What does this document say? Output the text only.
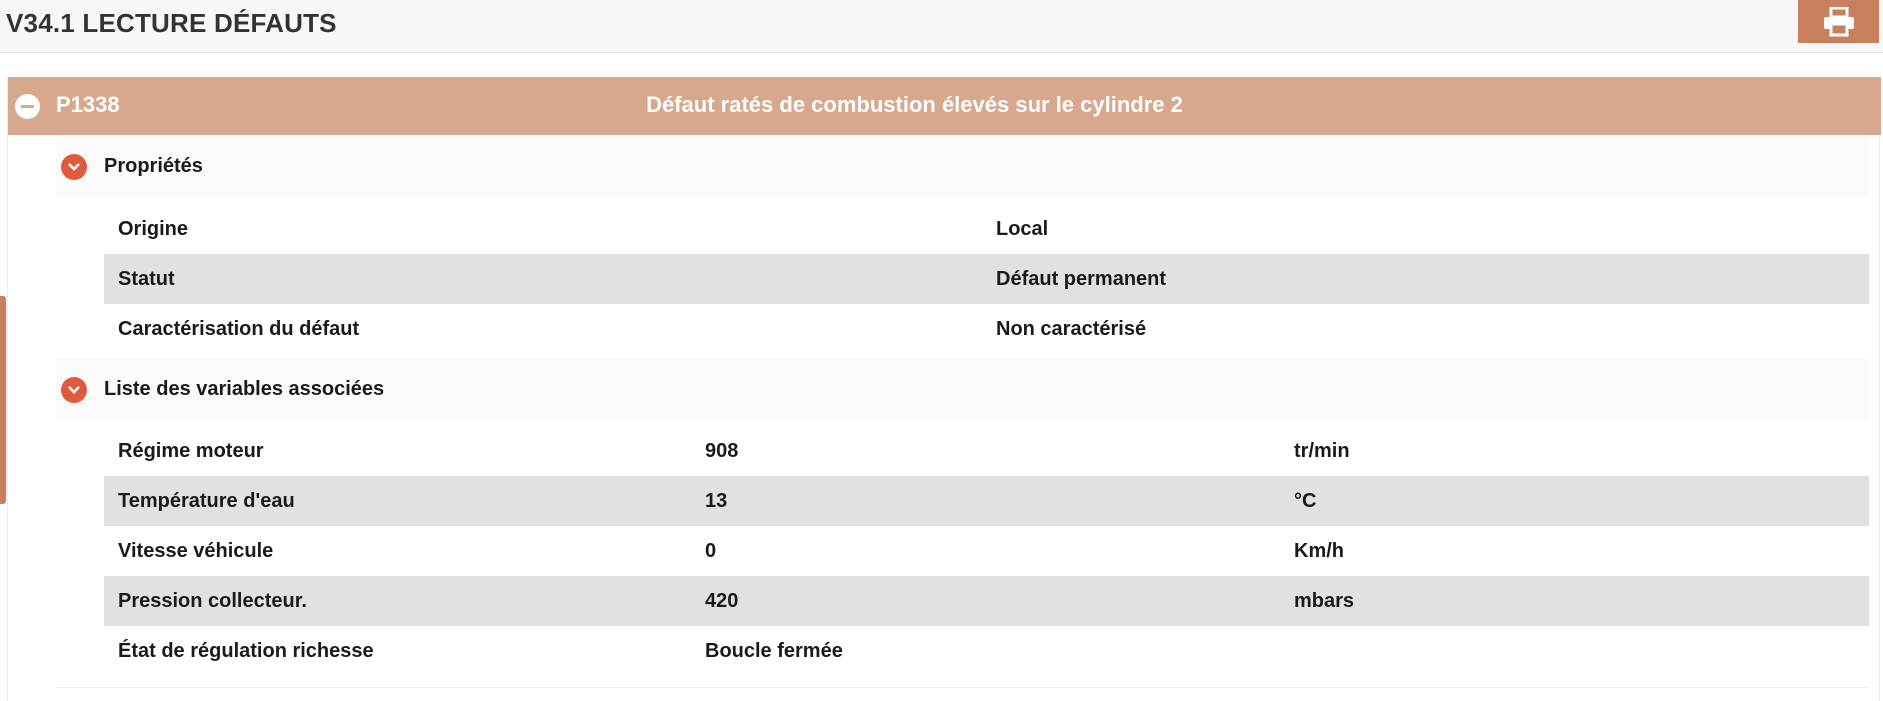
V34.1 LECTURE DÉFAUTS
P1338	Défaut ratés de combustion élevés sur le cylindre 2
Propriétés
Origine	Local
Statut	Défaut permanent
Caractérisation du défaut	Non caractérisé
Liste des variables associées
Régime moteur	908	tr/min
Température d'eau	13	°C
Vitesse véhicule	0	Km/h
Pression collecteur.	420	mbars
État de régulation richesse	Boucle fermée
